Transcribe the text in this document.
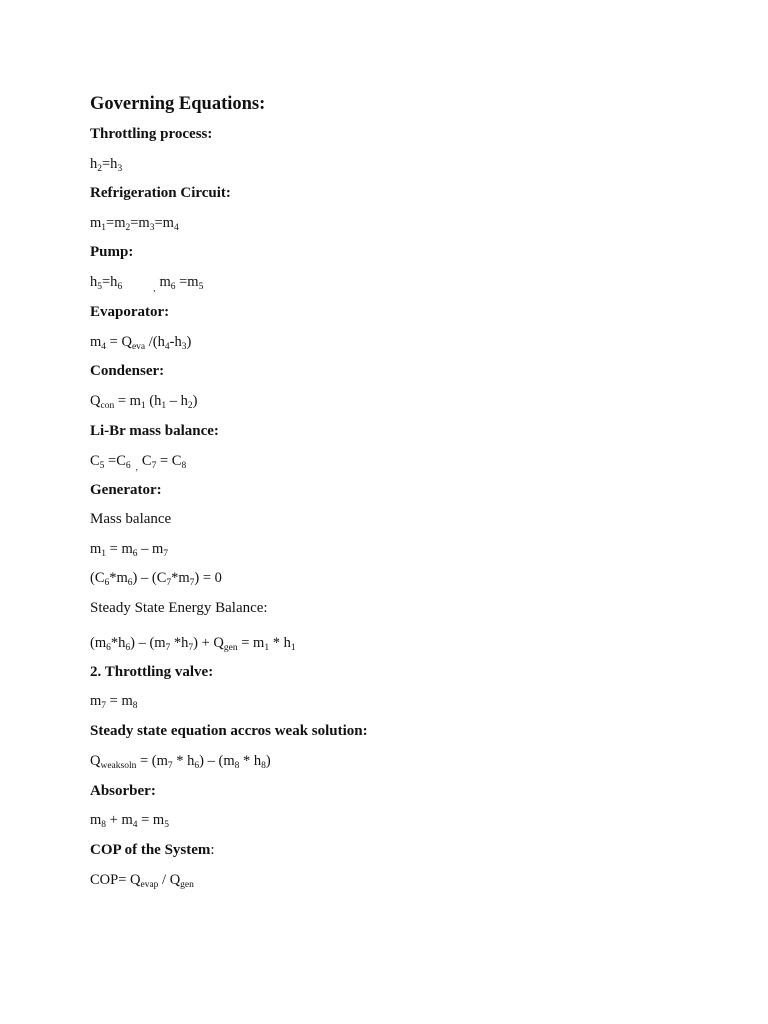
Governing Equations:
Throttling process:
$h_2=h_3$
Refrigeration Circuit:
$m_1=m_2=m_3=m_4$
Pump:
$h_5=h_6$	, $m_6 =m_5$
Evaporator:
$m_4 = Q_{eva}$ $/(h_4-h_3)$
Condenser:
$Q_{con} = m_1$ $(h_1 - h_2)$
Li-Br mass balance:
$C_5 =C_6$ , $C_7 = C_8$
Generator:
Mass balance
$m_1 = m_6 - m_7$
$(C_6*m_6) - (C_7*m_7) = 0$
Steady State Energy Balance:
$(m_6*h_6) - (m_7$ $*h_7) + Q_{gen} = m_1 * h_1$
2. Throttling valve:
$m_7 = m_8$
Steady state equation accros weak solution:
$Q_{weaksoln} = (m_7 * h_6) - (m_8 * h_8)$
Absorber:
$m_8 + m_4 = m_5$
COP of the System:
$COP= Q_{evap} / Q_{gen}$
